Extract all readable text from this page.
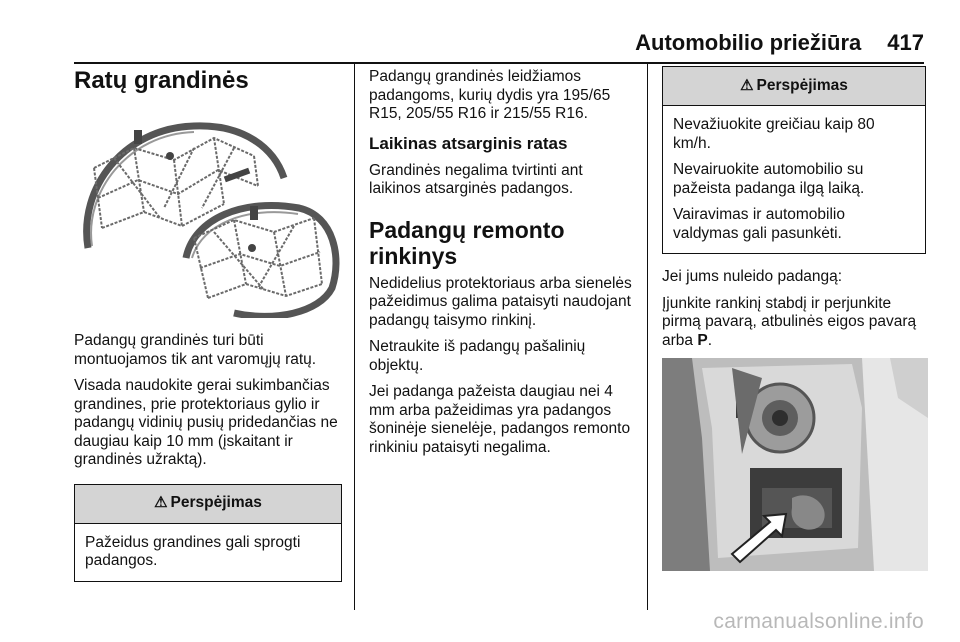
Automobilio priežiūra 417
Ratų grandinės

Padangų grandinės turi būti montuojamos tik ant varomųjų ratų.

Visada naudokite gerai sukimbančias grandines, prie protektoriaus gylio ir padangų vidinių pusių pridedančias ne daugiau kaip 10 mm (įskaitant ir grandinės užraktą).

⚠ Perspėjimas

Pažeidus grandines gali sprogti padangos.

Padangų grandinės leidžiamos padangoms, kurių dydis yra 195/65 R15, 205/55 R16 ir 215/55 R16.

Laikinas atsarginis ratas

Grandinės negalima tvirtinti ant laikinos atsarginės padangos.

Padangų remonto rinkinys

Nedidelius protektoriaus arba sienelės pažeidimus galima pataisyti naudojant padangų taisymo rinkinį.

Netraukite iš padangų pašalinių objektų.

Jei padanga pažeista daugiau nei 4 mm arba pažeidimas yra padangos šoninėje sienelėje, padangos remonto rinkiniu pataisyti negalima.

⚠ Perspėjimas

Nevažiuokite greičiau kaip 80 km/h.

Nevairuokite automobilio su pažeista padanga ilgą laiką.

Vairavimas ir automobilio valdymas gali pasunkėti.

Jei jums nuleido padangą:

Įjunkite rankinį stabdį ir perjunkite pirmą pavarą, atbulinės eigos pavarą arba P.

carmanualsonline.info
